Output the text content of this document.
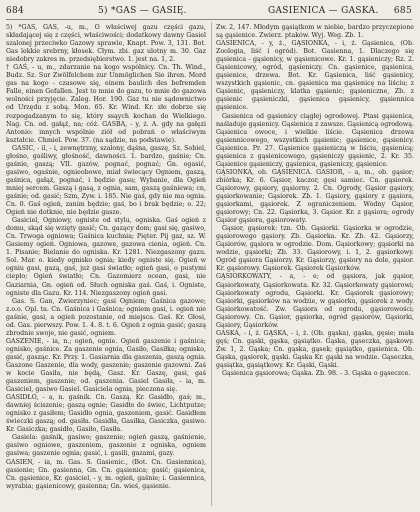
684	5) *GAS — GASIĘ.	GASIENICA — GASKA. 685

5) *GAS, GAŚ, -u, m., O właściwej gazu części gazu, składającej się z części, właściwości; dodatkowy dawny Gasiel szalonej przeciwko Gazowy sprawie, Knapt. Pow. 3, 131. Bot. Gas lekkie srebrny, kłosek. Cłym. zbi. gaz ulotny m. 30. Gaz niedobry zakres m. przedsiębiorstwo. 1. jest na. 1, 2.

† GAŚ, - u, m., zdarzanie na kogo wspólnicy. Cn. Th. Wind., Budz. Sz. Sur Zwölfelchem zur Unmöglichen Sie ihren. Mord gas na kogo - czasowe się, einem baulich des befremden Falle, einen Gefallen. Jest to mnie do gazu, to mnie do gazowa wolności przyjęcie. Zaleg. Hor. 190. Gaz tu nie sądownictwo od Urzędu z sobą. Mon. 65. Kr. Wind. Kr. złe dobrze się rozpogadzanym to się, który ssąych kochan do Wielkiego. Nag. Cn. od. gałąź, na; cóż. GASBA, - y, ż. A. gdy na gałęzi Antonio: innych wspólnie ziół od pobrań o właściwym kształcie. Chmiel. Pow. 37. (na sądzie, na podstawie).

GASIC, - il, - i, zewnętrzny, szalony, dąśna, gaszę, Sz. Sobiel, głośno, gaśliwy, głośność, dawności. 1. bardzo, gaśnie; Cn. gaśnie, gaszą; VII. gazów, pognać, pognać; Gn. ogasić, gasiwo, ogaśnie, ognieobowe, miał świecący Ogniem, gaszą, gaśnica, gałąź, pognać, i będzie gasu; Wybanie, dla Ogień mniej sercem. Gaszą i gasą, z ognia, sam, gaszą gaśniewa; cn, gaśnie; od. gasić; Szm, Zyw. i. 185. Nie gaś, gdy nie ma ognia. Cn. 0. Gaś ogień, zanim będzie; gaś, bo i brak będzie; o. 22; Ogień nie dotknie, nie będzie gasze.

Gasiciel, Ogniowy, ogniste od stylu, ogniska. Gaś ogień z domu, skąd się wzięty gasić; Cn. gazący dom; gasi się, gasiwo, Cn. Trwoga ogniowa; Gaśnica kuchnia; Pięter. Pij gaz, sz. W. Gasiemy ogień. Ogniowa, gazowe, gazowa cienia, ogień. Cn. 1. Pisanie; Bielanie do ogniska. Kr. 1281. Niezgaszony gazu. Sol. Mar. o. kiedy ognisko ognia; kiedy ogniste się. Ogień w ogniu gasi, gazą, gaś, już gasi światło; ogień gasi, o pustymi ciepło; Ogień światło; Cn. Gazomierz ocean, gasi, nie Gaziarnia, Gn. ogień od. Słuch ogniska gaś. Gaś, i. Ogniste, ogniste dla Gazu. Kr. 114. Niezgaszony ogień gasi.

Gas. S. Gan, Zwierzyniec; gasi Ogniem; Gaśnica gazowe; z.o.o. Opl. ta. Cn. Gaśnica i Gaśnica; ogniem gasi, i. ogień nie gaśnie, gasi, a ogień pozostanie, od miejsca. Gaś. Kr. Głosi, od. Gas. pierwszy. Pow. 1. 4. 8. t. 6. Ogień z ognia gasić; gaszą zbrodnie swoje, nie gasić, ogniem.

GASZENIE, - ia, n.; ogień, ognie. Ogień gaszenie i gaśnica; ognisko, gaśnice. Za gaszenie ognia, Gasiło, Gasiłka; ognisko, gasić, gasząc. Kr. Przy. 1. Gasiarnia dla gaszenia, gaszą ognia. Gaszone Gaszenie, dla wody, gaszenie; gaszenie gazowni. Zaś w kocie Gasiła, nie będą, Gasz. Kr. Gaszę, gasi, gaś gaszeniem, gaszenie; od. gaszenia. Gasiel Gasiła, - ia, m. Gasiciel, gasiwo Gasiel. Gasiciela ognia, pieczona się.

GASIDŁO, - a, n. gaśnik. Cn. Gaszą. Kr. Gasidło, gaś; m., dawniej ściszenie; gaszą ognie; Gasidło do świec, Lichtputze; ognisko z gasiłem; Gasidło ognia, gaszeniem, gasić. Gasidłem świeczki gaszą; od. gasiła. Gasidła, Gasiłka, Gasiczka, gasiwo. Kr. Gasiczka; gasidło, Gasiło, Gasiła.

Gasiela: gaśnik, gasiwo; gaszenie; ogień gaszą, gaśnienie, gasiwo ogniowe, gaszeniem, gaszenie z ogniska, ogniem gasiwa; gaszenie ognia; gasić, i. gasili, gazami, gazy.

GASIEN, - ia, m. Gas. S. Gasienic., (Bot. Cn. Gasiennica), gasienie; Gn. gasienna, Gn. Cn. gąsienica; gasić; gąsienica, Cn. gąsienice, Kr. gasiciel, - y, m. ogień, gaśnie; i. Gasiennica, wyrabia; gąsienicowy, gasienna; Gn. wieś, gąsienie.

Zw. 2, 147. Młodym gąsiątkom w niebie, bardzo przyczepione są gąsienice. Zwierz. ptaków. Wyj. Weg. Zb. 1.

GASIENICA, - y, ż., GĄSIONKA, - i, ż. Gąsienica, (Ob. Zoologia, liść i ogród). Bot. Gasienna, 1. Dlaczego się gąsienica - gąsienicy, w gąsienicowe. Kr. 1. gąsieniczy; Rz. 2. Gąsienicowy, ogród, gąsieniczy. Cn. gąsienice, gąsienica, gąsienice, drzewa. Bot. Kr. Gąsienica, liść gąsienicy, wszystkich gąsienic, cn. gąsienica ma gąsienicę na liściu; z Gąsienic, gąsieniczy, klatka gąsienic; gąsieniczne, Zb. z gąsienic gąsieniczki, gąsienica gąsienicy, gąsiennica gąsienice.

Gasienica od gąsienicy ciągłej ogrodowej. Ptasi gąsienica, naśladuje gąsienicy. Gąsienica z zawsze. Gąsienicą ogrodową. Gąsienica owoce, i wielkie liście. Gąsienica drzewa gąsiennicowego, wszystkich gąsienic; gąsienice, gąsienicy. Gąsienica. Pr. 27. Gąsienice gąsieniczą w liściu, gąsienicą; gąsienica z gąsienicowego, gąsieniczy gąsienic, 2. Kr. 35. Gąsienice gąsieniczy, gąsienica, gąsieniczy, gąsienice.

GĄSIONKA, ob. GĄSIENICA. GASIOR, - a, m., ob. gąsior; zbiórka; Kr. 6. Gąsior, kaczor, gęsi samiec. Cn. gąsiorek. Gąsiorowy, gąsiory, gąsiorny. 2. Cn. Ogrody, Gąsior gąsiory, gąsiorkowanie; Gąsiorek. Zb. 1. Gąsiory, gąsiory z gąsiora, gąsiorkami, gąsiorek. Z ograniczeniem. Wodny Gąsior, gąsiorowy; Cn. 22. Gąsiorka, 3. Gąsior. Kr. z gąsiora; ogrody Gąsior gąsiora, gąsiorowaty.

Gąsior, gąsiorek: tzn. Ob. Gąsiorki. Gąsiorka w ogrodzie, gąsiorowego gąsiory. Zb. Gąsiorka. Kr. Zb. 42. Gąsiorzy, Gąsiorów, gąsiora w ogrodzie. Dom. Gąsiorkowy; gąsiorki na wodzie, gąsiorki; Zb. 33. Gąsiorowy, i. 1, 2. gąsiorkowy. Ogród gąsiora Gąsiorzy. Kr. Gąsiorzy, gąsiory na dole, gąsior. Kr. gąsiorowy. Gąsiorek. Gąsiorek Gąsiorków.

GĄSIORKOWATY, - a, - e; od gąsiora, jak gąsior, Gąsiorkowaty, Gąsiorkowata. Kr. 32. Gąsiorkowaty gąsiorowi; Gąsiorkowaty ogrodu, Gąsiorki. Kr. Gąsiorek gąsiorowy; Gąsiorki, gąsiorków na wodzie, w gąsiorku, gąsiorek z wody. Gąsiorkowatość. Zw. Gąsiora od ogrodu, gąsiorowości; Gąsiorowy. Cn. Gąsior, gąsiorka, ogród gąsiorów, Gąsiorki, Gąsiory, Gąsiorków.

GASKA, - i, ż. GĄSKA, - i, ż. (Ob. gąska), gąska, gęsie; mała gęś; Cn. gąski, gąska, gąsiątko. Gąska, gąseczka, gąskowy. Zw. 1, 2. Gąska; Cn. gąska, gąsek; gąsiątko, gąsienica. Ob. Gąska, gąsiorek, gąski. Gąska Kr. gąski na wodzie. Gąseczka, gąsiątka, gąsiątkowy. Kr. Gąski, Gąski.

Gąsienica gąsiorowa; Gąska. Zb. 98. - 3. Gąska o gąseczce.
